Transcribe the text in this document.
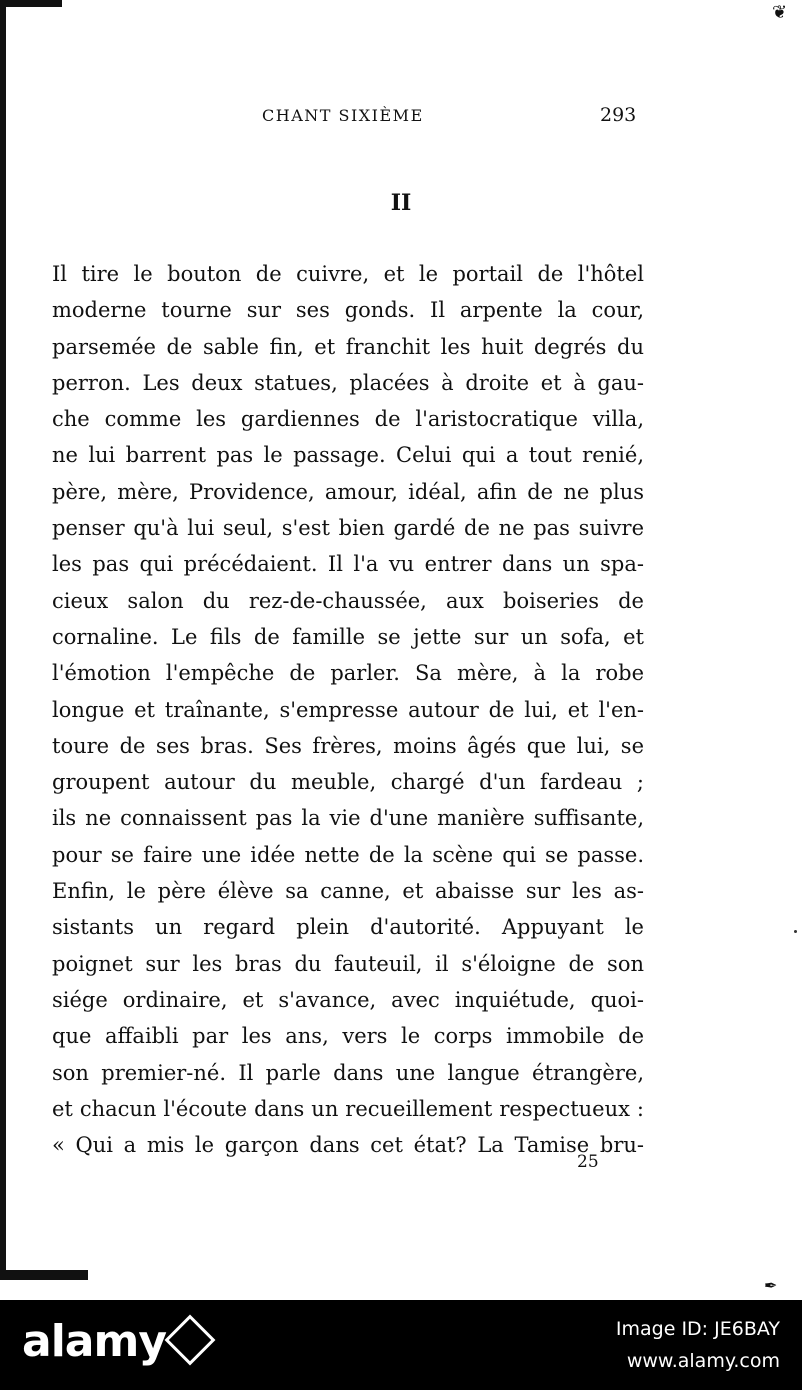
❦
✒
CHANT SIXIÈME	293
II
Il tire le bouton de cuivre, et le portail de l'hôtel
moderne tourne sur ses gonds. Il arpente la cour,
parsemée de sable fin, et franchit les huit degrés du
perron. Les deux statues, placées à droite et à gau-
che comme les gardiennes de l'aristocratique villa,
ne lui barrent pas le passage. Celui qui a tout renié,
père, mère, Providence, amour, idéal, afin de ne plus
penser qu'à lui seul, s'est bien gardé de ne pas suivre
les pas qui précédaient. Il l'a vu entrer dans un spa-
cieux salon du rez-de-chaussée, aux boiseries de
cornaline. Le fils de famille se jette sur un sofa, et
l'émotion l'empêche de parler. Sa mère, à la robe
longue et traînante, s'empresse autour de lui, et l'en-
toure de ses bras. Ses frères, moins âgés que lui, se
groupent autour du meuble, chargé d'un fardeau ;
ils ne connaissent pas la vie d'une manière suffisante,
pour se faire une idée nette de la scène qui se passe.
Enfin, le père élève sa canne, et abaisse sur les as-
sistants un regard plein d'autorité. Appuyant le
poignet sur les bras du fauteuil, il s'éloigne de son
siége ordinaire, et s'avance, avec inquiétude, quoi-
que affaibli par les ans, vers le corps immobile de
son premier-né. Il parle dans une langue étrangère,
et chacun l'écoute dans un recueillement respectueux :
« Qui a mis le garçon dans cet état? La Tamise bru-
25
alamy	Image ID: JE6BAY
www.alamy.com
